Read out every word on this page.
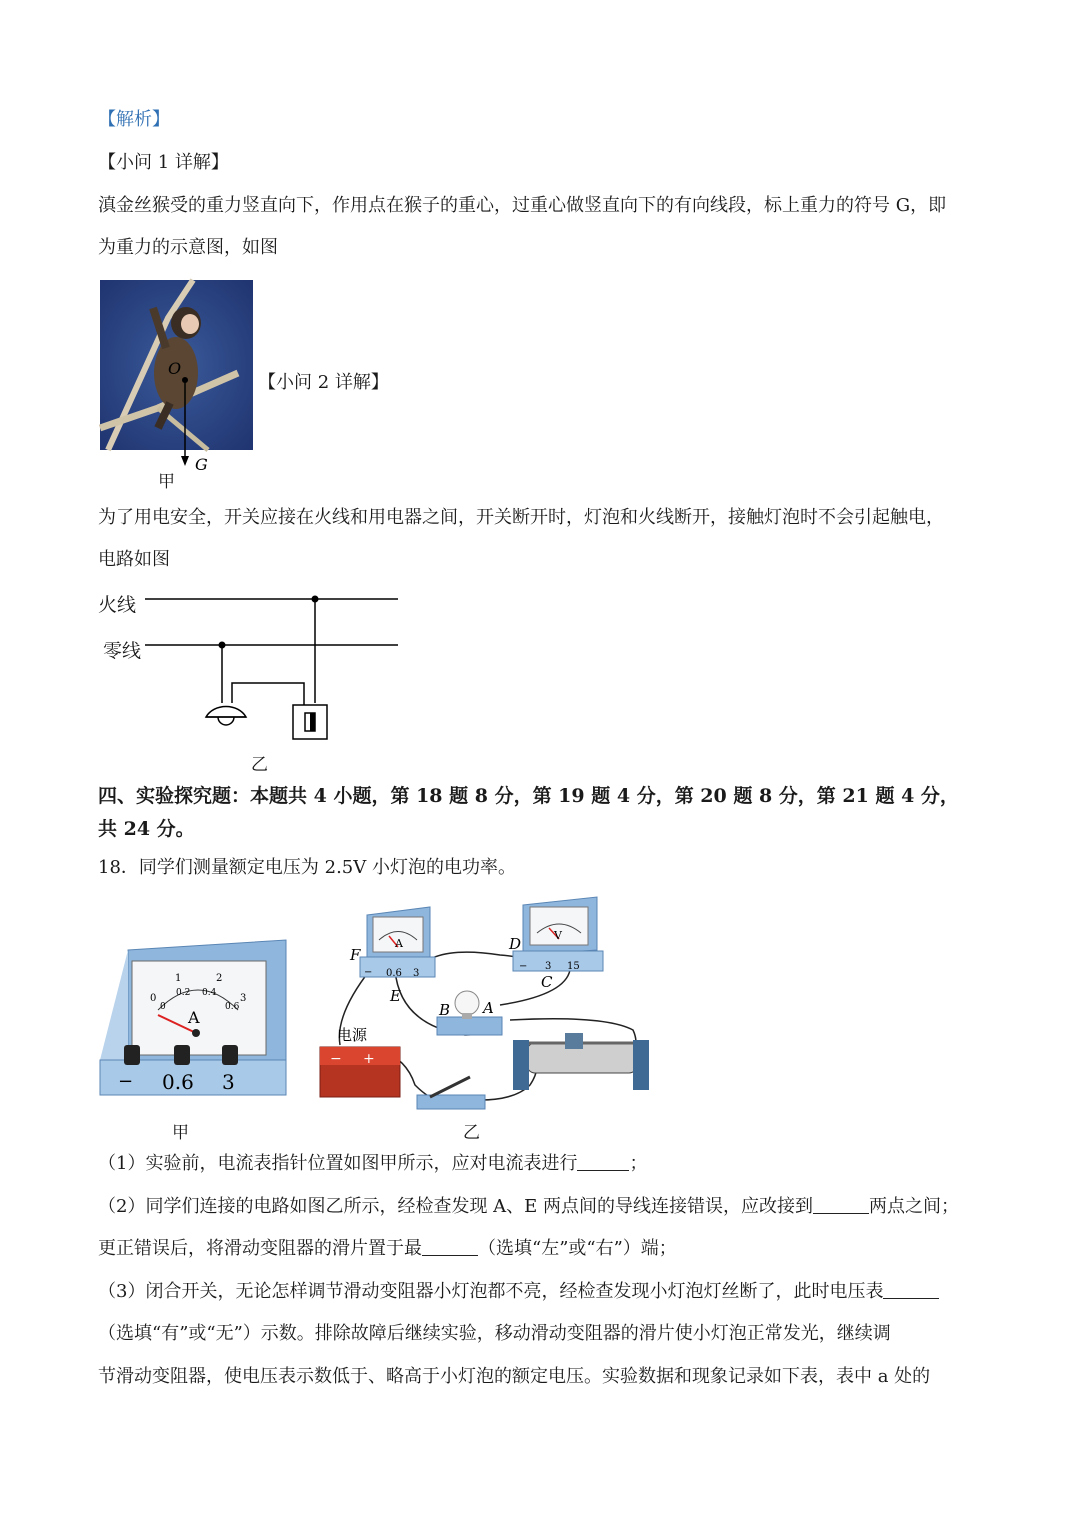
【解析】
【小问 1 详解】
滇金丝猴受的重力竖直向下，作用点在猴子的重心，过重心做竖直向下的有向线段，标上重力的符号 G，即
为重力的示意图，如图
O
G
甲
【小问 2 详解】
为了用电安全，开关应接在火线和用电器之间，开关断开时，灯泡和火线断开，接触灯泡时不会引起触电，
电路如图
火线
零线
乙
四、实验探究题：本题共 4 小题，第 18 题 8 分，第 19 题 4 分，第 20 题 8 分，第 21 题 4 分，
共 24 分。
18．同学们测量额定电压为 2.5V 小灯泡的电功率。
0
1	2
3
0
0.2 0.4
0.6
A
− 0.6 3
甲
A
− 0.6 3
V
− 3 15
− +
电源
F
E
D
C
B A
乙
（1）实验前，电流表指针位置如图甲所示，应对电流表进行	；
（2）同学们连接的电路如图乙所示，经检查发现 A、E 两点间的导线连接错误，应改接到	两点之间；
更正错误后，将滑动变阻器的滑片置于最	（选填“左”或“右”）端；
（3）闭合开关，无论怎样调节滑动变阻器小灯泡都不亮，经检查发现小灯泡灯丝断了，此时电压表
（选填“有”或“无”）示数。排除故障后继续实验，移动滑动变阻器的滑片使小灯泡正常发光，继续调
节滑动变阻器，使电压表示数低于、略高于小灯泡的额定电压。实验数据和现象记录如下表，表中 a 处的
